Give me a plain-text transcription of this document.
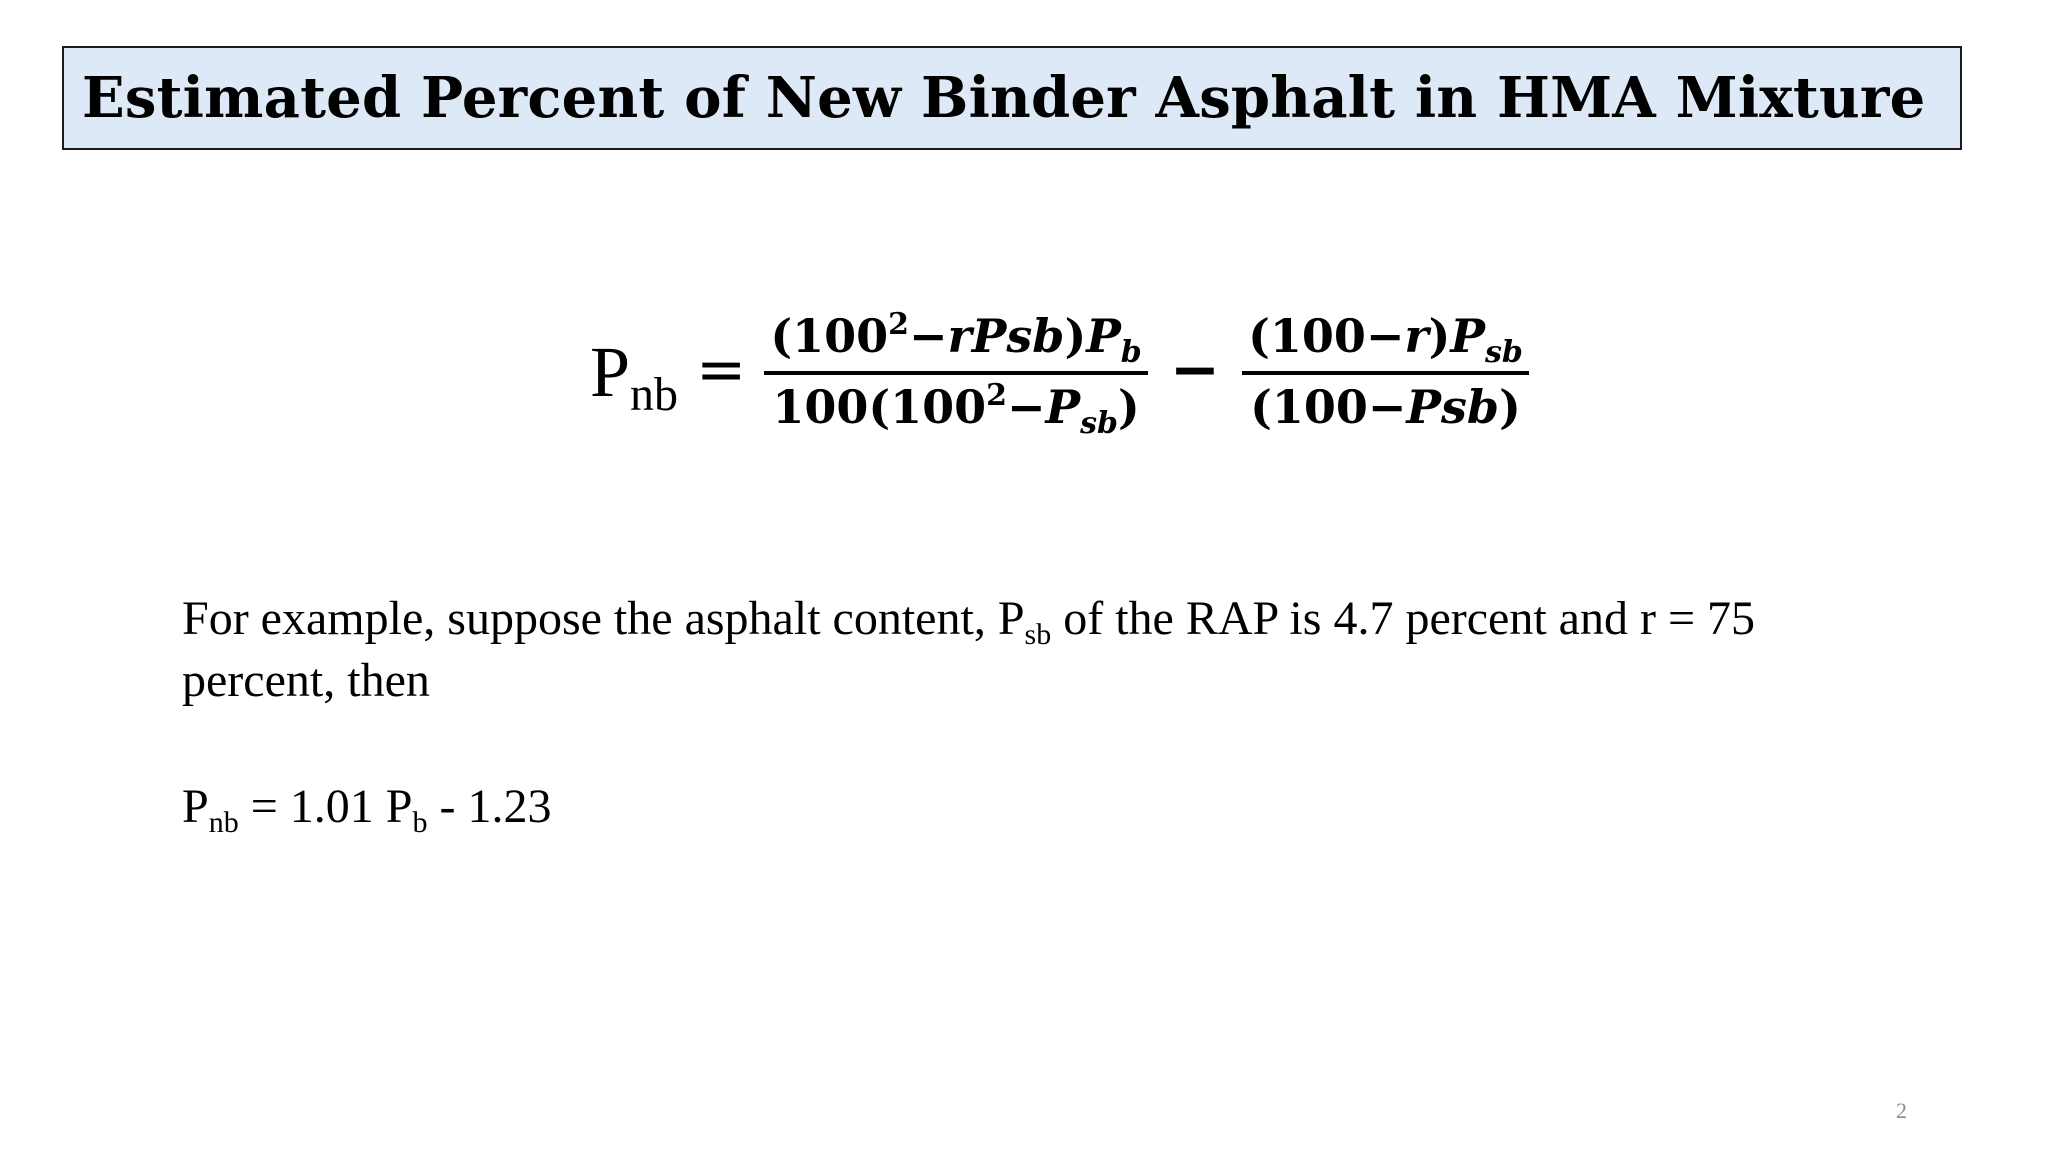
Estimated Percent of New Binder Asphalt in HMA Mixture
P nb = $\frac{(100^2-rPsb)P_b}{100(100^2-P_{sb})} - \frac{(100-r)P_{sb}}{\text{(100−Psb)}}$
For example, suppose the asphalt content, $P_{sb}$ of the RAP is 4.7 percent and r = 75 percent, then
$P_{nb} = 1.01$ $P_b - 1.23$
2
